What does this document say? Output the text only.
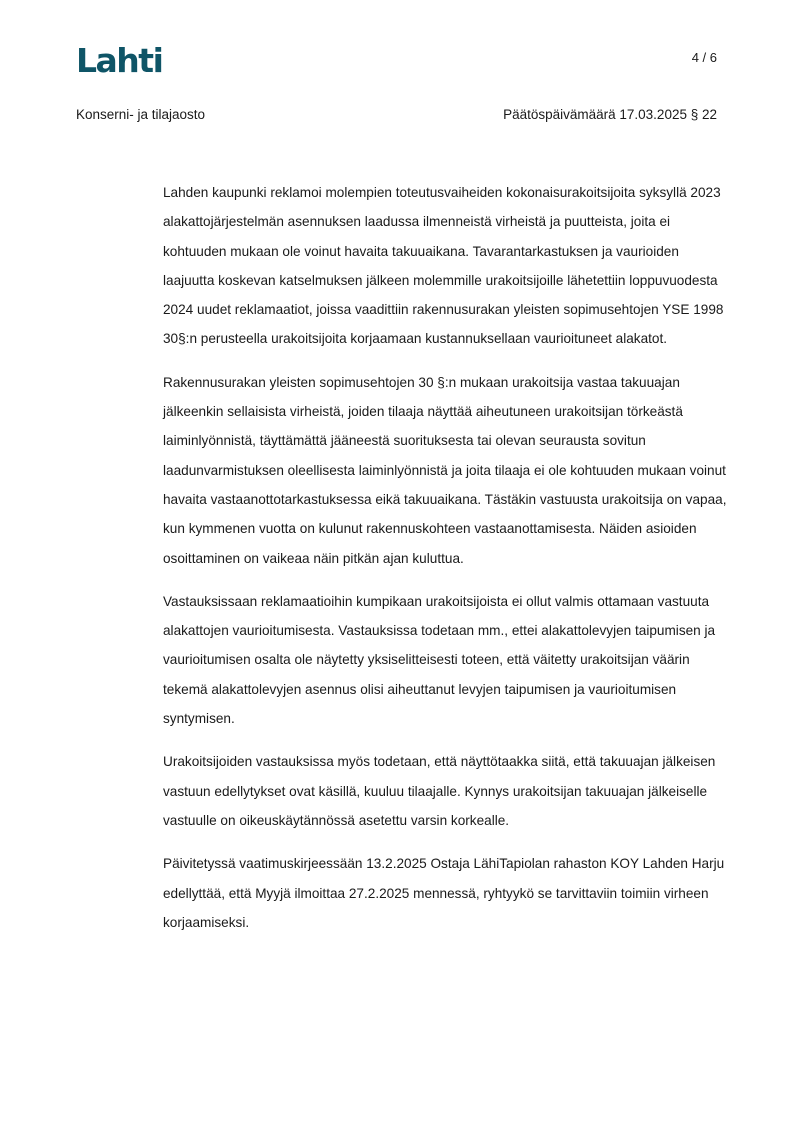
Lahti	4 / 6
Konserni- ja tilajaosto	Päätöspäivämäärä 17.03.2025 § 22

Lahden kaupunki reklamoi molempien toteutusvaiheiden kokonaisurakoitsijoita syksyllä 2023 alakattojärjestelmän asennuksen laadussa ilmenneistä virheistä ja puutteista, joita ei kohtuuden mukaan ole voinut havaita takuuaikana. Tavarantarkastuksen ja vaurioiden laajuutta koskevan katselmuksen jälkeen molemmille urakoitsijoille lähetettiin loppuvuodesta 2024 uudet reklamaatiot, joissa vaadittiin rakennusurakan yleisten sopimusehtojen YSE 1998 30§:n perusteella urakoitsijoita korjaamaan kustannuksellaan vaurioituneet alakatot.

Rakennusurakan yleisten sopimusehtojen 30 §:n mukaan urakoitsija vastaa takuuajan jälkeenkin sellaisista virheistä, joiden tilaaja näyttää aiheutuneen urakoitsijan törkeästä laiminlyönnistä, täyttämättä jääneestä suorituksesta tai olevan seurausta sovitun laadunvarmistuksen oleellisesta laiminlyönnistä ja joita tilaaja ei ole kohtuuden mukaan voinut havaita vastaanottotarkastuksessa eikä takuuaikana. Tästäkin vastuusta urakoitsija on vapaa, kun kymmenen vuotta on kulunut rakennuskohteen vastaanottamisesta. Näiden asioiden osoittaminen on vaikeaa näin pitkän ajan kuluttua.

Vastauksissaan reklamaatioihin kumpikaan urakoitsijoista ei ollut valmis ottamaan vastuuta alakattojen vaurioitumisesta. Vastauksissa todetaan mm., ettei alakattolevyjen taipumisen ja vaurioitumisen osalta ole näytetty yksiselitteisesti toteen, että väitetty urakoitsijan väärin tekemä alakattolevyjen asennus olisi aiheuttanut levyjen taipumisen ja vaurioitumisen syntymisen.

Urakoitsijoiden vastauksissa myös todetaan, että näyttötaakka siitä, että takuuajan jälkeisen vastuun edellytykset ovat käsillä, kuuluu tilaajalle. Kynnys urakoitsijan takuuajan jälkeiselle vastuulle on oikeuskäytännössä asetettu varsin korkealle.

Päivitetyssä vaatimuskirjeessään 13.2.2025 Ostaja LähiTapiolan rahaston KOY Lahden Harju edellyttää, että Myyjä ilmoittaa 27.2.2025 mennessä, ryhtyykö se tarvittaviin toimiin virheen korjaamiseksi.
